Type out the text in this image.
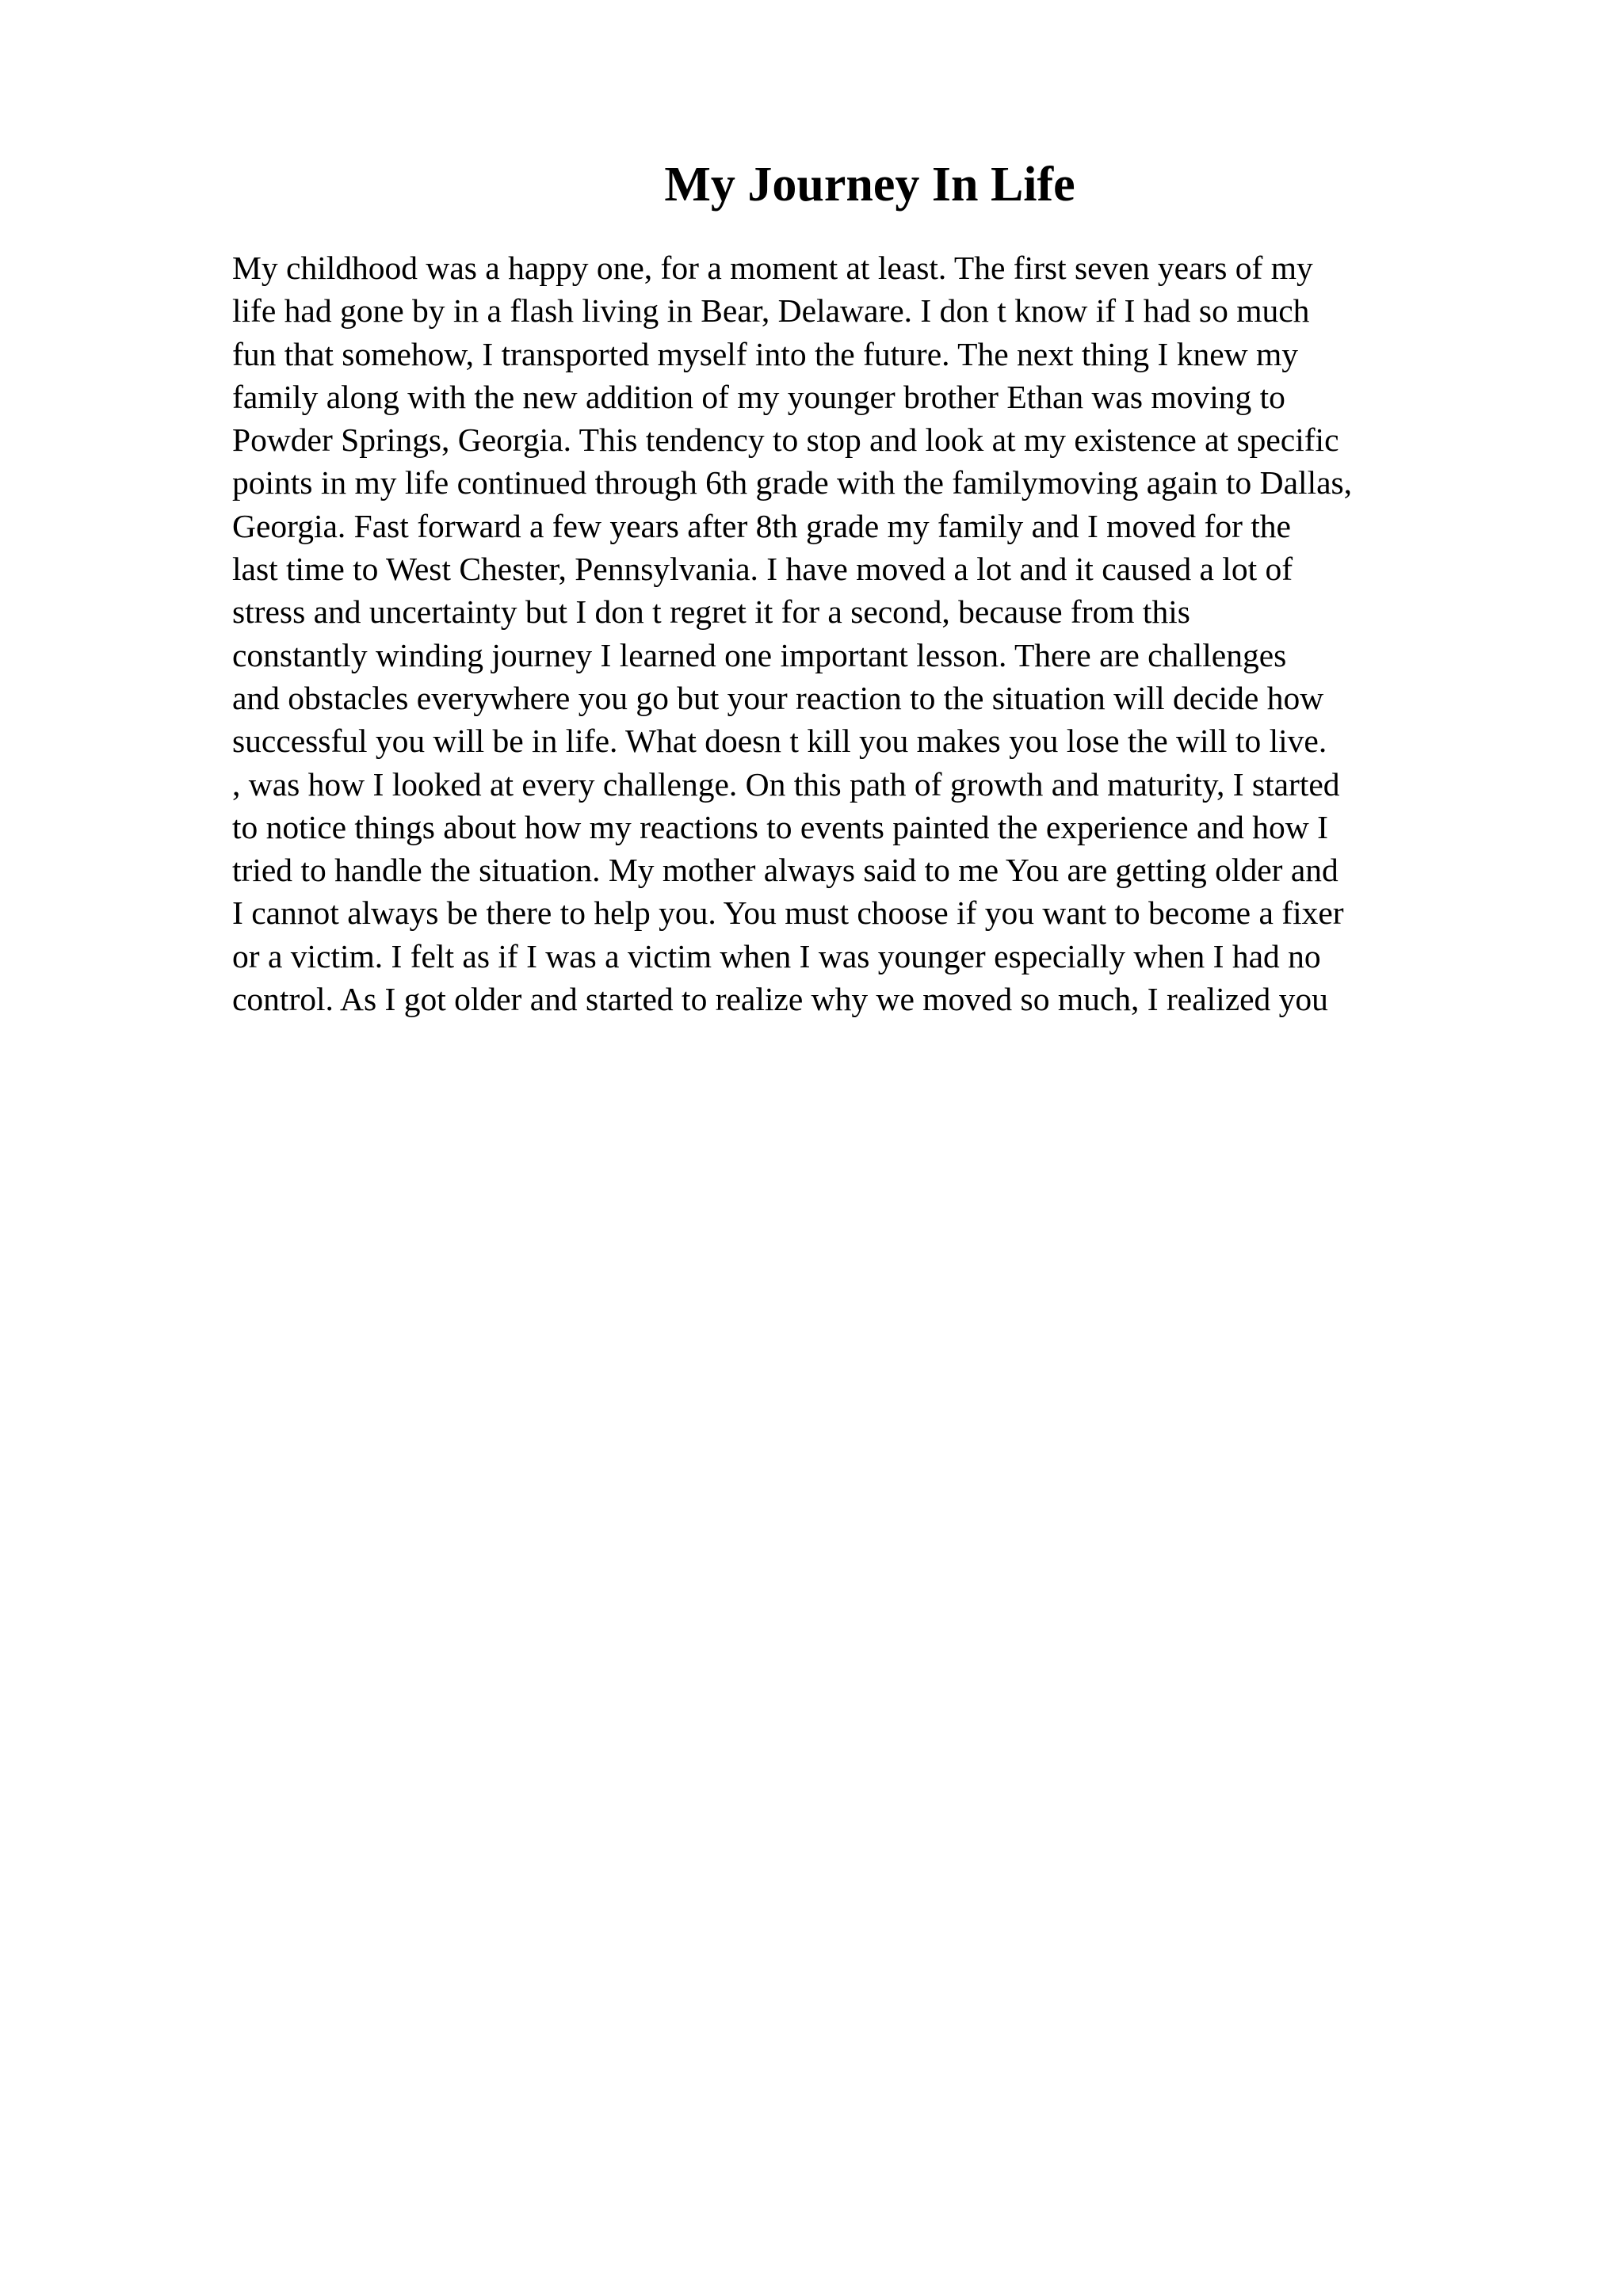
My Journey In Life
My childhood was a happy one, for a moment at least. The first seven years of my
life had gone by in a flash living in Bear, Delaware. I don t know if I had so much
fun that somehow, I transported myself into the future. The next thing I knew my
family along with the new addition of my younger brother Ethan was moving to
Powder Springs, Georgia. This tendency to stop and look at my existence at specific
points in my life continued through 6th grade with the familymoving again to Dallas,
Georgia. Fast forward a few years after 8th grade my family and I moved for the
last time to West Chester, Pennsylvania. I have moved a lot and it caused a lot of
stress and uncertainty but I don t regret it for a second, because from this
constantly winding journey I learned one important lesson. There are challenges
and obstacles everywhere you go but your reaction to the situation will decide how
successful you will be in life. What doesn t kill you makes you lose the will to live.
, was how I looked at every challenge. On this path of growth and maturity, I started
to notice things about how my reactions to events painted the experience and how I
tried to handle the situation. My mother always said to me You are getting older and
I cannot always be there to help you. You must choose if you want to become a fixer
or a victim. I felt as if I was a victim when I was younger especially when I had no
control. As I got older and started to realize why we moved so much, I realized you
